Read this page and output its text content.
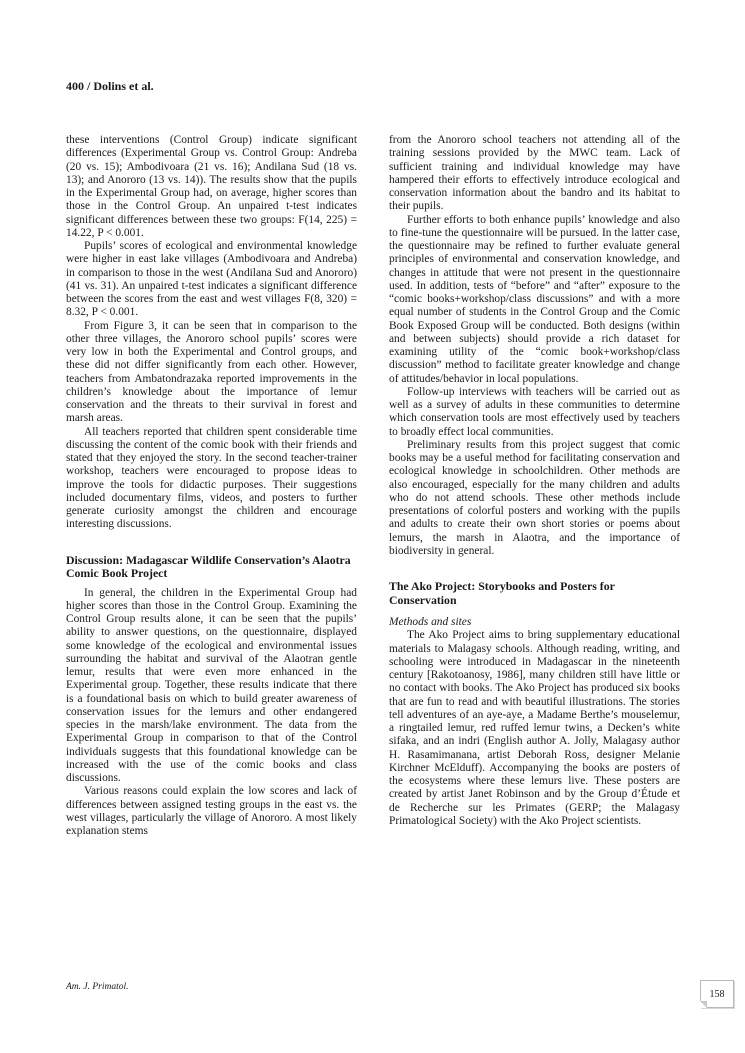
400 / Dolins et al.

these interventions (Control Group) indicate significant differences (Experimental Group vs. Control Group: Andreba (20 vs. 15); Ambodivoara (21 vs. 16); Andilana Sud (18 vs. 13); and Anororo (13 vs. 14)). The results show that the pupils in the Experimental Group had, on average, higher scores than those in the Control Group. An unpaired t-test indicates significant differences between these two groups: F(14, 225) = 14.22, P < 0.001.

Pupils’ scores of ecological and environmental knowledge were higher in east lake villages (Ambodivoara and Andreba) in comparison to those in the west (Andilana Sud and Anororo) (41 vs. 31). An unpaired t-test indicates a significant difference between the scores from the east and west villages F(8, 320) = 8.32, P < 0.001.

From Figure 3, it can be seen that in comparison to the other three villages, the Anororo school pupils’ scores were very low in both the Experimental and Control groups, and these did not differ significantly from each other. However, teachers from Ambatondrazaka reported improvements in the children’s knowledge about the importance of lemur conservation and the threats to their survival in forest and marsh areas.

All teachers reported that children spent considerable time discussing the content of the comic book with their friends and stated that they enjoyed the story. In the second teacher-trainer workshop, teachers were encouraged to propose ideas to improve the tools for didactic purposes. Their suggestions included documentary films, videos, and posters to further generate curiosity amongst the children and encourage interesting discussions.

Discussion: Madagascar Wildlife Conservation’s Alaotra Comic Book Project

In general, the children in the Experimental Group had higher scores than those in the Control Group. Examining the Control Group results alone, it can be seen that the pupils’ ability to answer questions, on the questionnaire, displayed some knowledge of the ecological and environmental issues surrounding the habitat and survival of the Alaotran gentle lemur, results that were even more enhanced in the Experimental group. Together, these results indicate that there is a foundational basis on which to build greater awareness of conservation issues for the lemurs and other endangered species in the marsh/lake environment. The data from the Experimental Group in comparison to that of the Control individuals suggests that this foundational knowledge can be increased with the use of the comic books and class discussions.

Various reasons could explain the low scores and lack of differences between assigned testing groups in the east vs. the west villages, particularly the village of Anororo. A most likely explanation stems

from the Anororo school teachers not attending all of the training sessions provided by the MWC team. Lack of sufficient training and individual knowledge may have hampered their efforts to effectively introduce ecological and conservation information about the bandro and its habitat to their pupils.

Further efforts to both enhance pupils’ knowledge and also to fine-tune the questionnaire will be pursued. In the latter case, the questionnaire may be refined to further evaluate general principles of environmental and conservation knowledge, and changes in attitude that were not present in the questionnaire used. In addition, tests of “before” and “after” exposure to the “comic books+workshop/class discussions” and with a more equal number of students in the Control Group and the Comic Book Exposed Group will be conducted. Both designs (within and between subjects) should provide a rich dataset for examining utility of the “comic book+workshop/class discussion” method to facilitate greater knowledge and change of attitudes/behavior in local populations.

Follow-up interviews with teachers will be carried out as well as a survey of adults in these communities to determine which conservation tools are most effectively used by teachers to broadly effect local communities.

Preliminary results from this project suggest that comic books may be a useful method for facilitating conservation and ecological knowledge in schoolchildren. Other methods are also encouraged, especially for the many children and adults who do not attend schools. These other methods include presentations of colorful posters and working with the pupils and adults to create their own short stories or poems about lemurs, the marsh in Alaotra, and the importance of biodiversity in general.

The Ako Project: Storybooks and Posters for Conservation

Methods and sites

The Ako Project aims to bring supplementary educational materials to Malagasy schools. Although reading, writing, and schooling were introduced in Madagascar in the nineteenth century [Rakotoanosy, 1986], many children still have little or no contact with books. The Ako Project has produced six books that are fun to read and with beautiful illustrations. The stories tell adventures of an aye-aye, a Madame Berthe’s mouselemur, a ringtailed lemur, red ruffed lemur twins, a Decken’s white sifaka, and an indri (English author A. Jolly, Malagasy author H. Rasamimanana, artist Deborah Ross, designer Melanie Kirchner McElduff). Accompanying the books are posters of the ecosystems where these lemurs live. These posters are created by artist Janet Robinson and by the Group d’Étude et de Recherche sur les Primates (GERP; the Malagasy Primatological Society) with the Ako Project scientists.

Am. J. Primatol.
158
